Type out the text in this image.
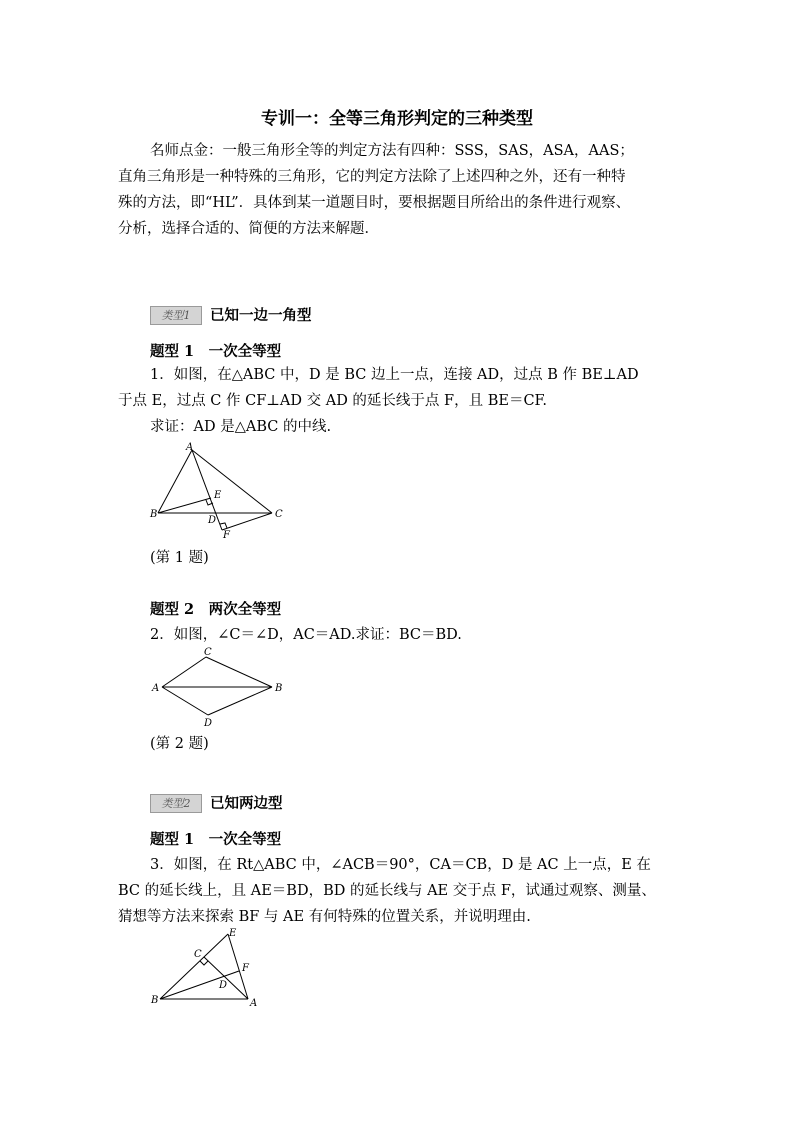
专训一：全等三角形判定的三种类型
名师点金：一般三角形全等的判定方法有四种：SSS，SAS，ASA，AAS；
直角三角形是一种特殊的三角形，它的判定方法除了上述四种之外，还有一种特
殊的方法，即“HL”．具体到某一道题目时，要根据题目所给出的条件进行观察、
分析，选择合适的、简便的方法来解题．
类型1 已知一边一角型
题型 1　一次全等型
1．如图，在△ABC 中，D 是 BC 边上一点，连接 AD，过点 B 作 BE⊥AD
于点 E，过点 C 作 CF⊥AD 交 AD 的延长线于点 F，且 BE＝CF.
求证：AD 是△ABC 的中线.
A
B	C
D
E
F
(第 1 题)
题型 2　两次全等型
2．如图，∠C＝∠D，AC＝AD.求证：BC＝BD.
A	B
C
D
(第 2 题)
类型2 已知两边型
题型 1　一次全等型
3．如图，在 Rt△ABC 中，∠ACB＝90°，CA＝CB，D 是 AC 上一点，E 在
BC 的延长线上，且 AE＝BD，BD 的延长线与 AE 交于点 F，试通过观察、测量、
猜想等方法来探索 BF 与 AE 有何特殊的位置关系，并说明理由.
B	A
C
E
F
D
